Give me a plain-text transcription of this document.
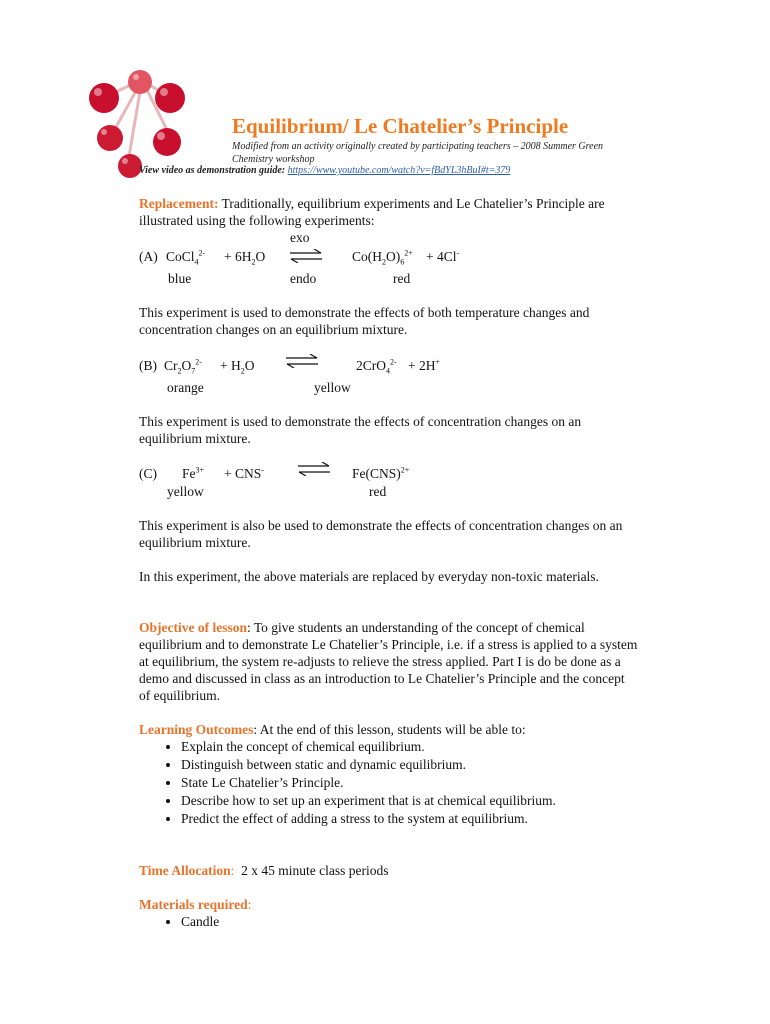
Equilibrium/ Le Chatelier’s Principle
Modified from an activity originally created by participating teachers – 2008 Summer Green Chemistry workshop
View video as demonstration guide: https://www.youtube.com/watch?v=fBdYL3hBuI#t=379
Replacement: Traditionally, equilibrium experiments and Le Chatelier’s Principle are illustrated using the following experiments:
exo
(A) CoCl$_4^{2-}$ + $6H_2O$	$Co(H_2O)_6^{2+} + 4Cl^-$
blue	endo	red
This experiment is used to demonstrate the effects of both temperature changes and concentration changes on an equilibrium mixture.
(B) $Cr_2O_7^{2-} + H_2O$	2CrO$_4^{2-}$ + 2H+
orange	yellow
This experiment is used to demonstrate the effects of concentration changes on an equilibrium mixture.
(C) $Fe^{3+} + CNS^-$	Fe(CNS)$^{2+}$
yellow	red
This experiment is also be used to demonstrate the effects of concentration changes on an equilibrium mixture.
In this experiment, the above materials are replaced by everyday non-toxic materials.
Objective of lesson: To give students an understanding of the concept of chemical equilibrium and to demonstrate Le Chatelier’s Principle, i.e. if a stress is applied to a system at equilibrium, the system re-adjusts to relieve the stress applied. Part I is do be done as a demo and discussed in class as an introduction to Le Chatelier’s Principle and the concept of equilibrium.
Learning Outcomes: At the end of this lesson, students will be able to:
• Explain the concept of chemical equilibrium.
• Distinguish between static and dynamic equilibrium.
• State Le Chatelier’s Principle.
• Describe how to set up an experiment that is at chemical equilibrium.
• Predict the effect of adding a stress to the system at equilibrium.
Time Allocation: 2 x 45 minute class periods
Materials required:
• Candle
